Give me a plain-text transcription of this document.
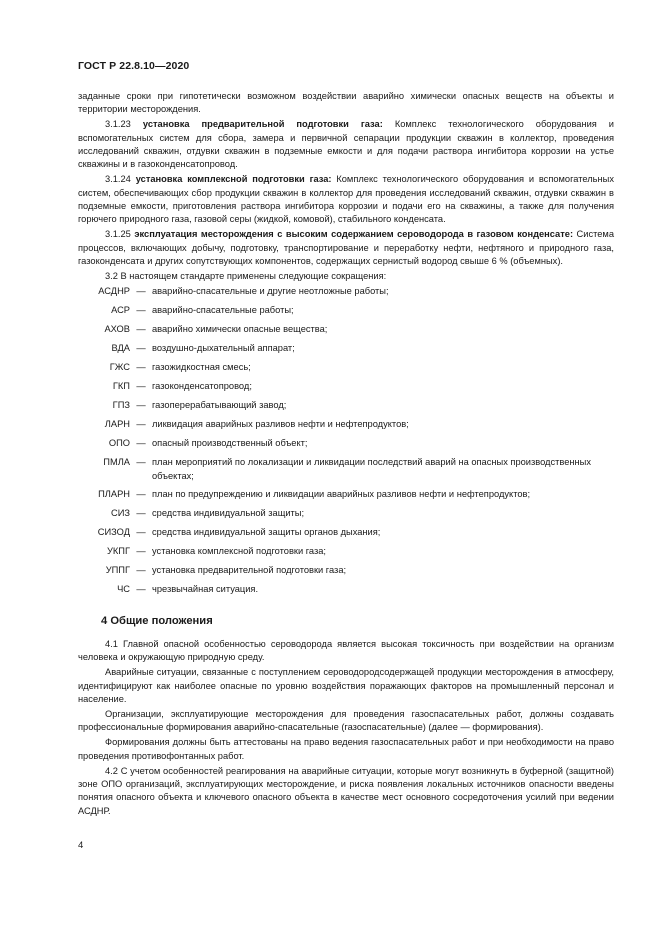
ГОСТ Р 22.8.10—2020

заданные сроки при гипотетически возможном воздействии аварийно химически опасных веществ на объекты и территории месторождения.

3.1.23 установка предварительной подготовки газа: Комплекс технологического оборудования и вспомогательных систем для сбора, замера и первичной сепарации продукции скважин в коллектор, проведения исследований скважин, отдувки скважин в подземные емкости и для подачи раствора ингибитора коррозии на устье скважины и в газоконденсатопровод.

3.1.24 установка комплексной подготовки газа: Комплекс технологического оборудования и вспомогательных систем, обеспечивающих сбор продукции скважин в коллектор для проведения исследований скважин, отдувки скважин в подземные емкости, приготовления раствора ингибитора коррозии и подачи его на скважины, а также для получения горючего природного газа, газовой серы (жидкой, комовой), стабильного конденсата.

3.1.25 эксплуатация месторождения с высоким содержанием сероводорода в газовом конденсате: Система процессов, включающих добычу, подготовку, транспортирование и переработку нефти, нефтяного и природного газа, газоконденсата и других сопутствующих компонентов, содержащих сернистый водород свыше 6 % (объемных).

3.2 В настоящем стандарте применены следующие сокращения:

АСДНР — аварийно-спасательные и другие неотложные работы;
АСР — аварийно-спасательные работы;
АХОВ — аварийно химически опасные вещества;
ВДА — воздушно-дыхательный аппарат;
ГЖС — газожидкостная смесь;
ГКП — газоконденсатопровод;
ГПЗ — газоперерабатывающий завод;
ЛАРН — ликвидация аварийных разливов нефти и нефтепродуктов;
ОПО — опасный производственный объект;
ПМЛА — план мероприятий по локализации и ликвидации последствий аварий на опасных производственных объектах;
ПЛАРН — план по предупреждению и ликвидации аварийных разливов нефти и нефтепродуктов;
СИЗ — средства индивидуальной защиты;
СИЗОД — средства индивидуальной защиты органов дыхания;
УКПГ — установка комплексной подготовки газа;
УППГ — установка предварительной подготовки газа;
ЧС — чрезвычайная ситуация.
4 Общие положения

4.1 Главной опасной особенностью сероводорода является высокая токсичность при воздействии на организм человека и окружающую природную среду.

Аварийные ситуации, связанные с поступлением сероводородсодержащей продукции месторождения в атмосферу, идентифицируют как наиболее опасные по уровню воздействия поражающих факторов на промышленный персонал и население.

Организации, эксплуатирующие месторождения для проведения газоспасательных работ, должны создавать профессиональные формирования аварийно-спасательные (газоспасательные) (далее — формирования).

Формирования должны быть аттестованы на право ведения газоспасательных работ и при необходимости на право проведения противофонтанных работ.

4.2 С учетом особенностей реагирования на аварийные ситуации, которые могут возникнуть в буферной (защитной) зоне ОПО организаций, эксплуатирующих месторождение, и риска появления локальных источников опасности введены понятия опасного объекта и ключевого опасного объекта в качестве мест основного сосредоточения усилий при ведении АСДНР.

4
